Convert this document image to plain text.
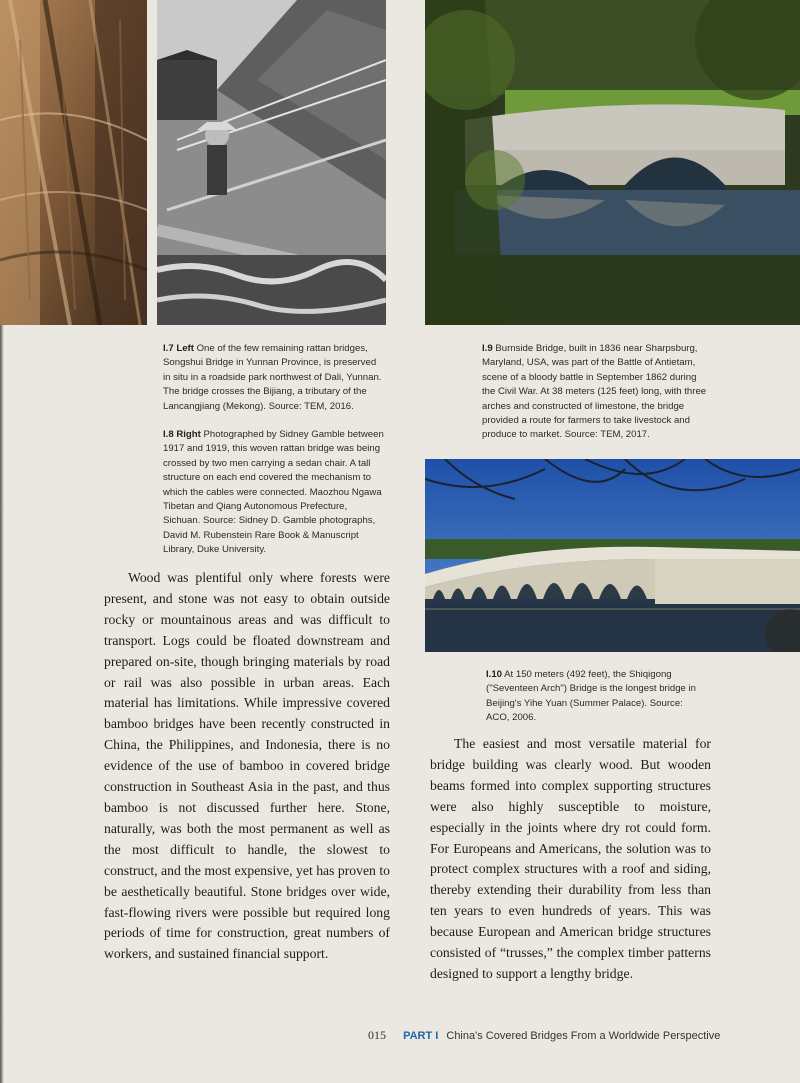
I.7 Left One of the few remaining rattan bridges, Songshui Bridge in Yunnan Province, is preserved in situ in a roadside park northwest of Dali, Yunnan. The bridge crosses the Bijiang, a tributary of the Lancangjiang (Mekong). Source: TEM, 2016.
I.8 Right Photographed by Sidney Gamble between 1917 and 1919, this woven rattan bridge was being crossed by two men carrying a sedan chair. A tall structure on each end covered the mechanism to which the cables were connected. Maozhou Ngawa Tibetan and Qiang Autonomous Prefecture, Sichuan. Source: Sidney D. Gamble photographs, David M. Rubenstein Rare Book & Manuscript Library, Duke University.
I.9 Burnside Bridge, built in 1836 near Sharpsburg, Maryland, USA, was part of the Battle of Antietam, scene of a bloody battle in September 1862 during the Civil War. At 38 meters (125 feet) long, with three arches and constructed of limestone, the bridge provided a route for farmers to take livestock and produce to market. Source: TEM, 2017.
I.10 At 150 meters (492 feet), the Shiqigong ("Seventeen Arch") Bridge is the longest bridge in Beijing's Yihe Yuan (Summer Palace). Source: ACO, 2006.

Wood was plentiful only where forests were present, and stone was not easy to obtain outside rocky or mountainous areas and was difficult to transport. Logs could be floated downstream and prepared on-site, though bringing materials by road or rail was also possible in urban areas. Each material has limitations. While impressive covered bamboo bridges have been recently constructed in China, the Philippines, and Indonesia, there is no evidence of the use of bamboo in covered bridge construction in Southeast Asia in the past, and thus bamboo is not discussed further here. Stone, naturally, was both the most permanent as well as the most difficult to handle, the slowest to construct, and the most expensive, yet has proven to be aesthetically beautiful. Stone bridges over wide, fast-flowing rivers were possible but required long periods of time for construction, great numbers of workers, and sustained financial support.

The easiest and most versatile material for bridge building was clearly wood. But wooden beams formed into complex supporting structures were also highly susceptible to moisture, especially in the joints where dry rot could form. For Europeans and Americans, the solution was to protect complex structures with a roof and siding, thereby extending their durability from less than ten years to even hundreds of years. This was because European and American bridge structures consisted of “trusses,” the complex timber patterns designed to support a lengthy bridge.

015 PART I China's Covered Bridges From a Worldwide Perspective
